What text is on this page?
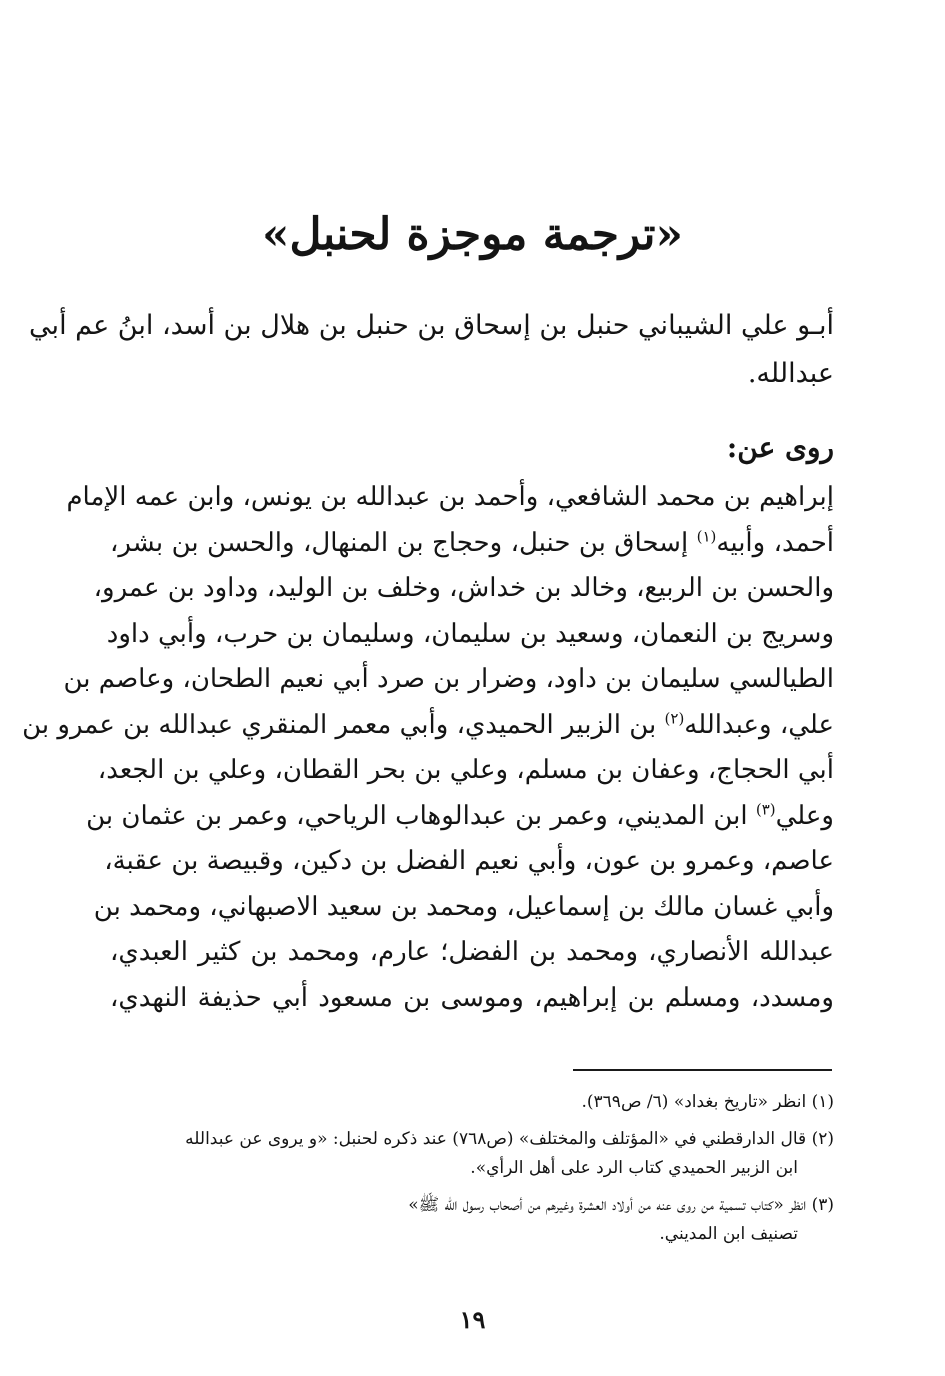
«ترجمة موجزة لحنبل»
أبـو علي الشيباني حنبل بن إسحاق بن حنبل بن هلال بن أسد، ابنُ عم أبي
عبدالله.
روى عن:
إبراهيم بن محمد الشافعي، وأحمد بن عبدالله بن يونس، وابن عمه الإمام
أحمد، وأبيه$^{(١)}$ إسحاق بن حنبل، وحجاج بن المنهال، والحسن بن بشر،
والحسن بن الربيع، وخالد بن خداش، وخلف بن الوليد، وداود بن عمرو،
وسريج بن النعمان، وسعيد بن سليمان، وسليمان بن حرب، وأبي داود
الطيالسي سليمان بن داود، وضرار بن صرد أبي نعيم الطحان، وعاصم بن
علي، وعبدالله$^{(٢)}$ بن الزبير الحميدي، وأبي معمر المنقري عبدالله بن عمرو بن
أبي الحجاج، وعفان بن مسلم، وعلي بن بحر القطان، وعلي بن الجعد،
وعلي$^{(٣)}$ ابن المديني، وعمر بن عبدالوهاب الرياحي، وعمر بن عثمان بن
عاصم، وعمرو بن عون، وأبي نعيم الفضل بن دكين، وقبيصة بن عقبة،
وأبي غسان مالك بن إسماعيل، ومحمد بن سعيد الاصبهاني، ومحمد بن
عبدالله الأنصاري، ومحمد بن الفضل؛ عارم، ومحمد بن كثير العبدي،
ومسدد، ومسلم بن إبراهيم، وموسى بن مسعود أبي حذيفة النهدي،
(١) انظر «تاريخ بغداد» (٦/ ص٣٦٩).
(٢) قال الدارقطني في «المؤتلف والمختلف» (ص٧٦٨) عند ذكره لحنبل: «و يروى عن عبدالله
ابن الزبير الحميدي كتاب الرد على أهل الرأي».
(٣) انظر «كتاب تسمية من روى عنه من أولاد العشرة وغيرهم من أصحاب رسول الله ﷺ»
تصنيف ابن المديني.
١٩
